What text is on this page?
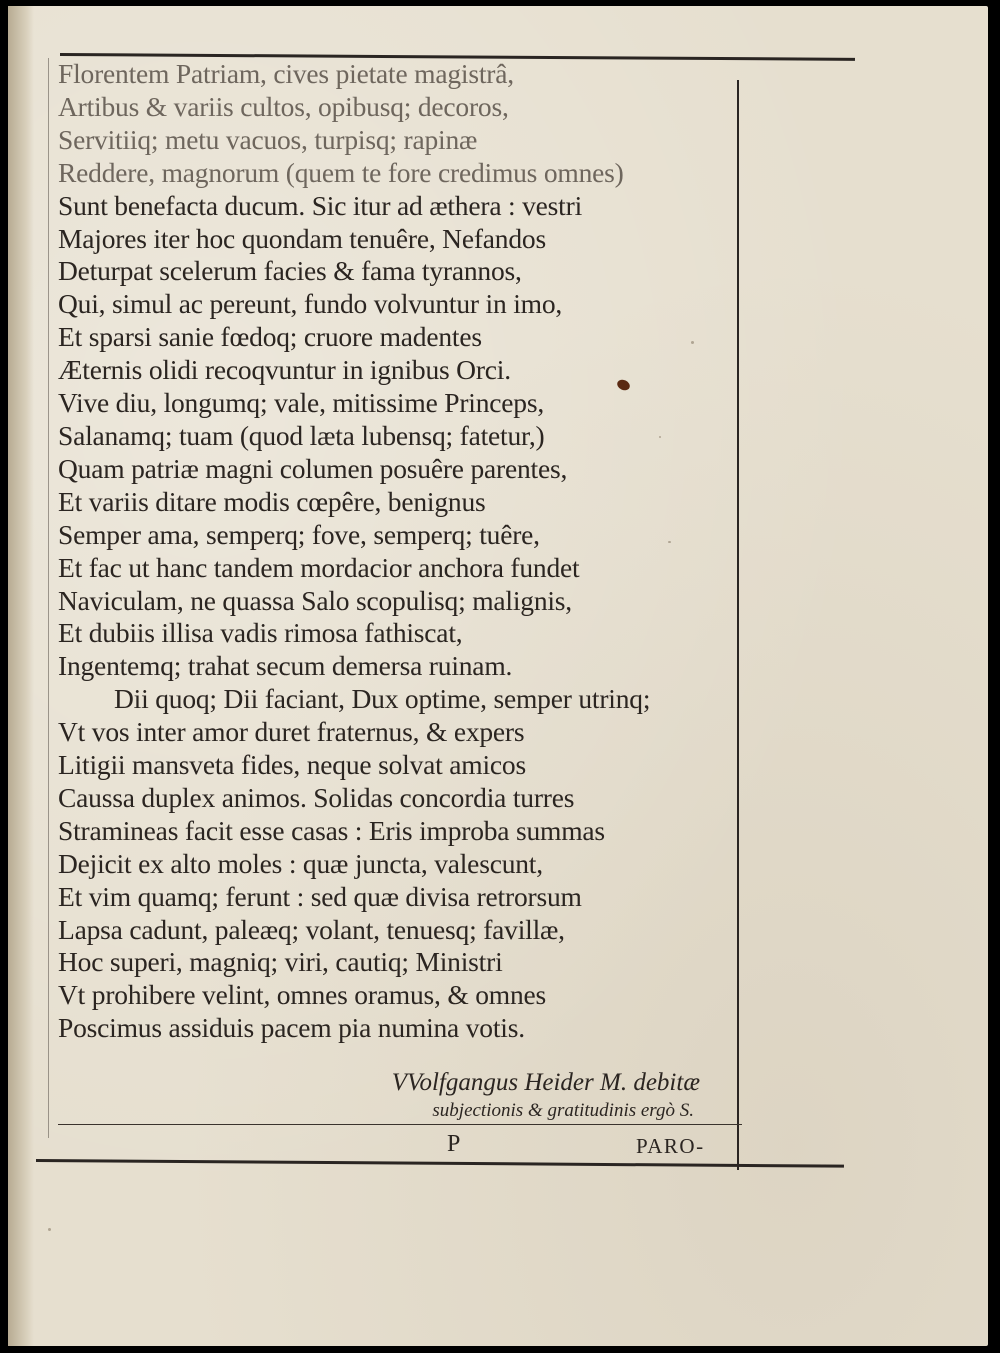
Florentem Patriam, cives pietate magistrâ,
Artibus & variis cultos, opibusq; decoros,
Servitiiq; metu vacuos, turpisq; rapinæ
Reddere, magnorum (quem te fore credimus omnes)
Sunt benefacta ducum. Sic itur ad æthera : vestri
Majores iter hoc quondam tenuêre, Nefandos
Deturpat scelerum facies & fama tyrannos,
Qui, simul ac pereunt, fundo volvuntur in imo,
Et sparsi sanie fœdoq; cruore madentes
Æternis olidi recoqvuntur in ignibus Orci.
Vive diu, longumq; vale, mitissime Princeps,
Salanamq; tuam (quod læta lubensq; fatetur,)
Quam patriæ magni columen posuêre parentes,
Et variis ditare modis cœpêre, benignus
Semper ama, semperq; fove, semperq; tuêre,
Et fac ut hanc tandem mordacior anchora fundet
Naviculam, ne quassa Salo scopulisq; malignis,
Et dubiis illisa vadis rimosa fathiscat,
Ingentemq; trahat secum demersa ruinam.
Dii quoq; Dii faciant, Dux optime, semper utrinq;
Vt vos inter amor duret fraternus, & expers
Litigii mansveta fides, neque solvat amicos
Caussa duplex animos. Solidas concordia turres
Stramineas facit esse casas : Eris improba summas
Dejicit ex alto moles : quæ juncta, valescunt,
Et vim quamq; ferunt : sed quæ divisa retrorsum
Lapsa cadunt, paleæq; volant, tenuesq; favillæ,
Hoc superi, magniq; viri, cautiq; Ministri
Vt prohibere velint, omnes oramus, & omnes
Poscimus assiduis pacem pia numina votis.
VVolfgangus Heider M. debitæ
subjectionis & gratitudinis ergò S.
P	PARO-
